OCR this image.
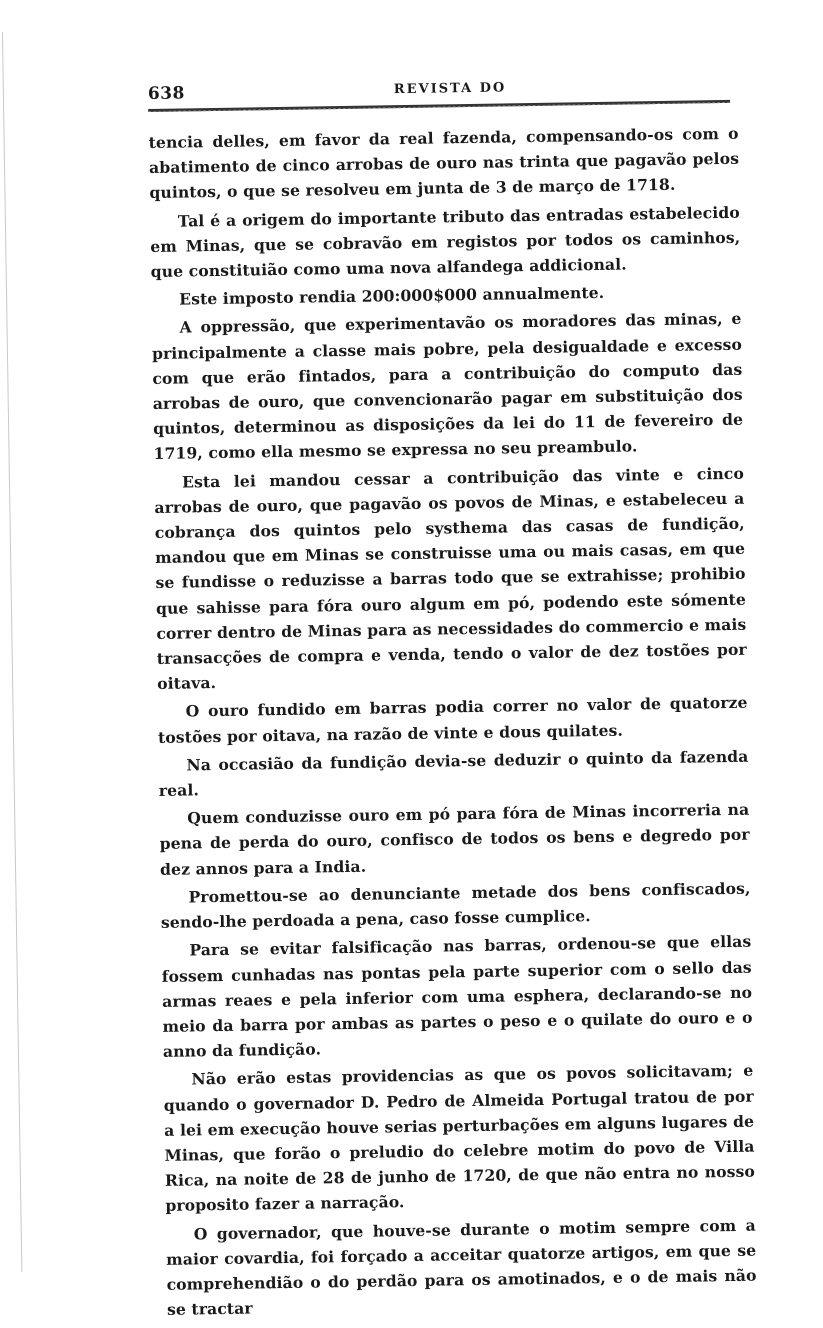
638	REVISTA DO

tencia delles, em favor da real fazenda, compensando-os com o abatimento de cinco arrobas de ouro nas trinta que pagavão pelos quintos, o que se resolveu em junta de 3 de março de 1718.

Tal é a origem do importante tributo das entradas estabelecido em Minas, que se cobravão em registos por todos os caminhos, que constituião como uma nova alfandega addicional.

Este imposto rendia 200:000$000 annualmente.

A oppressão, que experimentavão os moradores das minas, e principalmente a classe mais pobre, pela desigualdade e excesso com que erão fintados, para a contribuição do computo das arrobas de ouro, que convencionarão pagar em substituição dos quintos, determinou as disposições da lei do 11 de fevereiro de 1719, como ella mesmo se expressa no seu preambulo.

Esta lei mandou cessar a contribuição das vinte e cinco arrobas de ouro, que pagavão os povos de Minas, e estabeleceu a cobrança dos quintos pelo systhema das casas de fundição, mandou que em Minas se construisse uma ou mais casas, em que se fundisse o reduzisse a barras todo que se extrahisse; prohibio que sahisse para fóra ouro algum em pó, podendo este sómente correr dentro de Minas para as necessidades do commercio e mais transacções de compra e venda, tendo o valor de dez tostões por oitava.

O ouro fundido em barras podia correr no valor de quatorze tostões por oitava, na razão de vinte e dous quilates.

Na occasião da fundição devia-se deduzir o quinto da fazenda real.

Quem conduzisse ouro em pó para fóra de Minas incorreria na pena de perda do ouro, confisco de todos os bens e degredo por dez annos para a India.

Promettou-se ao denunciante metade dos bens confiscados, sendo-lhe perdoada a pena, caso fosse cumplice.

Para se evitar falsificação nas barras, ordenou-se que ellas fossem cunhadas nas pontas pela parte superior com o sello das armas reaes e pela inferior com uma esphera, declarando-se no meio da barra por ambas as partes o peso e o quilate do ouro e o anno da fundição.

Não erão estas providencias as que os povos solicitavam; e quando o governador D. Pedro de Almeida Portugal tratou de por a lei em execução houve serias perturbações em alguns lugares de Minas, que forão o preludio do celebre motim do povo de Villa Rica, na noite de 28 de junho de 1720, de que não entra no nosso proposito fazer a narração.

O governador, que houve-se durante o motim sempre com a maior covardia, foi forçado a acceitar quatorze artigos, em que se comprehendião o do perdão para os amotinados, e o de mais não se tractar
